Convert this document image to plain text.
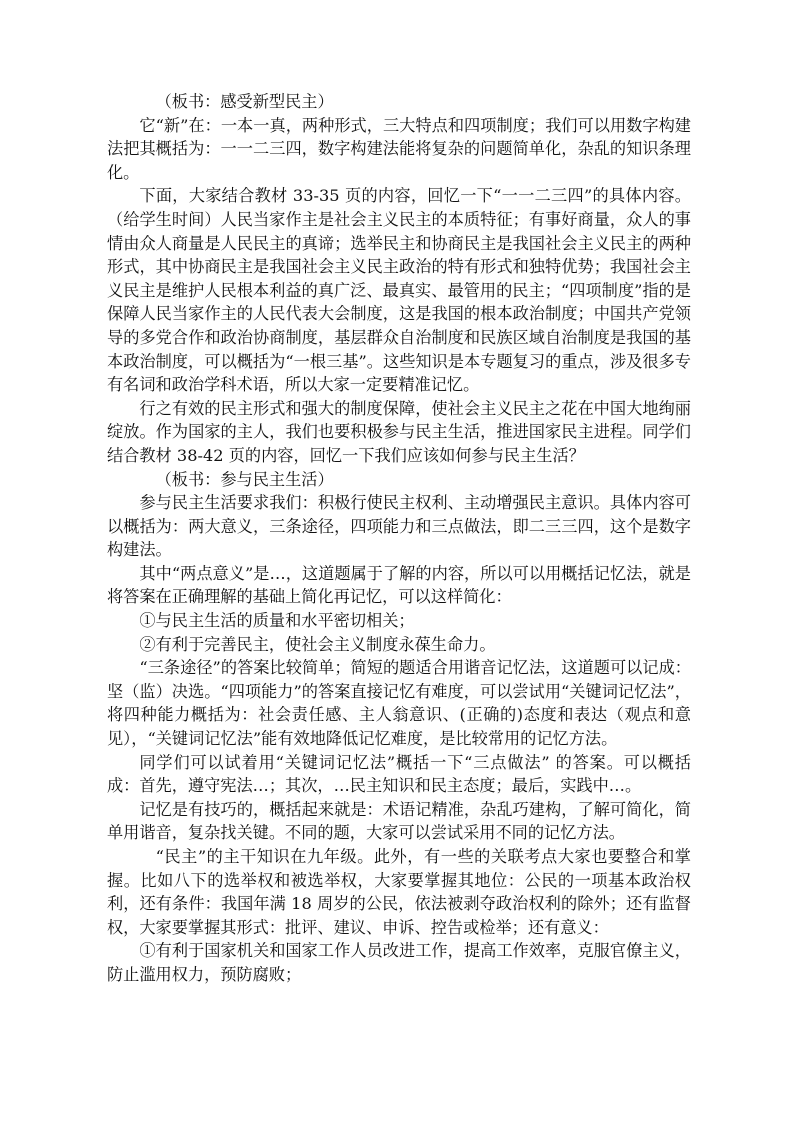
（板书：感受新型民主）

它“新”在：一本一真，两种形式，三大特点和四项制度；我们可以用数字构建法把其概括为：一一二三四，数字构建法能将复杂的问题简单化，杂乱的知识条理化。

下面，大家结合教材 33-35 页的内容，回忆一下“一一二三四”的具体内容。（给学生时间）人民当家作主是社会主义民主的本质特征；有事好商量，众人的事情由众人商量是人民民主的真谛；选举民主和协商民主是我国社会主义民主的两种形式，其中协商民主是我国社会主义民主政治的特有形式和独特优势；我国社会主义民主是维护人民根本利益的真广泛、最真实、最管用的民主；“四项制度”指的是保障人民当家作主的人民代表大会制度，这是我国的根本政治制度；中国共产党领导的多党合作和政治协商制度，基层群众自治制度和民族区域自治制度是我国的基本政治制度，可以概括为“一根三基”。这些知识是本专题复习的重点，涉及很多专有名词和政治学科术语，所以大家一定要精准记忆。

行之有效的民主形式和强大的制度保障，使社会主义民主之花在中国大地绚丽绽放。作为国家的主人，我们也要积极参与民主生活，推进国家民主进程。同学们结合教材 38-42 页的内容，回忆一下我们应该如何参与民主生活？

（板书：参与民主生活）

参与民主生活要求我们：积极行使民主权利、主动增强民主意识。具体内容可以概括为：两大意义，三条途径，四项能力和三点做法，即二三三四，这个是数字构建法。

其中“两点意义”是…，这道题属于了解的内容，所以可以用概括记忆法，就是将答案在正确理解的基础上简化再记忆，可以这样简化：

①与民主生活的质量和水平密切相关；

②有利于完善民主，使社会主义制度永葆生命力。

“三条途径”的答案比较简单；简短的题适合用谐音记忆法，这道题可以记成：坚（监）决选。“四项能力”的答案直接记忆有难度，可以尝试用“关键词记忆法”，将四种能力概括为：社会责任感、主人翁意识、(正确的)态度和表达（观点和意见），“关键词记忆法”能有效地降低记忆难度，是比较常用的记忆方法。

同学们可以试着用“关键词记忆法”概括一下“三点做法” 的答案。可以概括成：首先，遵守宪法…；其次，…民主知识和民主态度；最后，实践中…。

记忆是有技巧的，概括起来就是：术语记精准，杂乱巧建构，了解可简化，简单用谐音，复杂找关键。不同的题，大家可以尝试采用不同的记忆方法。

“民主”的主干知识在九年级。此外，有一些的关联考点大家也要整合和掌握。比如八下的选举权和被选举权，大家要掌握其地位：公民的一项基本政治权利，还有条件：我国年满 18 周岁的公民，依法被剥夺政治权利的除外；还有监督权，大家要掌握其形式：批评、建议、申诉、控告或检举；还有意义：

①有利于国家机关和国家工作人员改进工作，提高工作效率，克服官僚主义，防止滥用权力，预防腐败；
